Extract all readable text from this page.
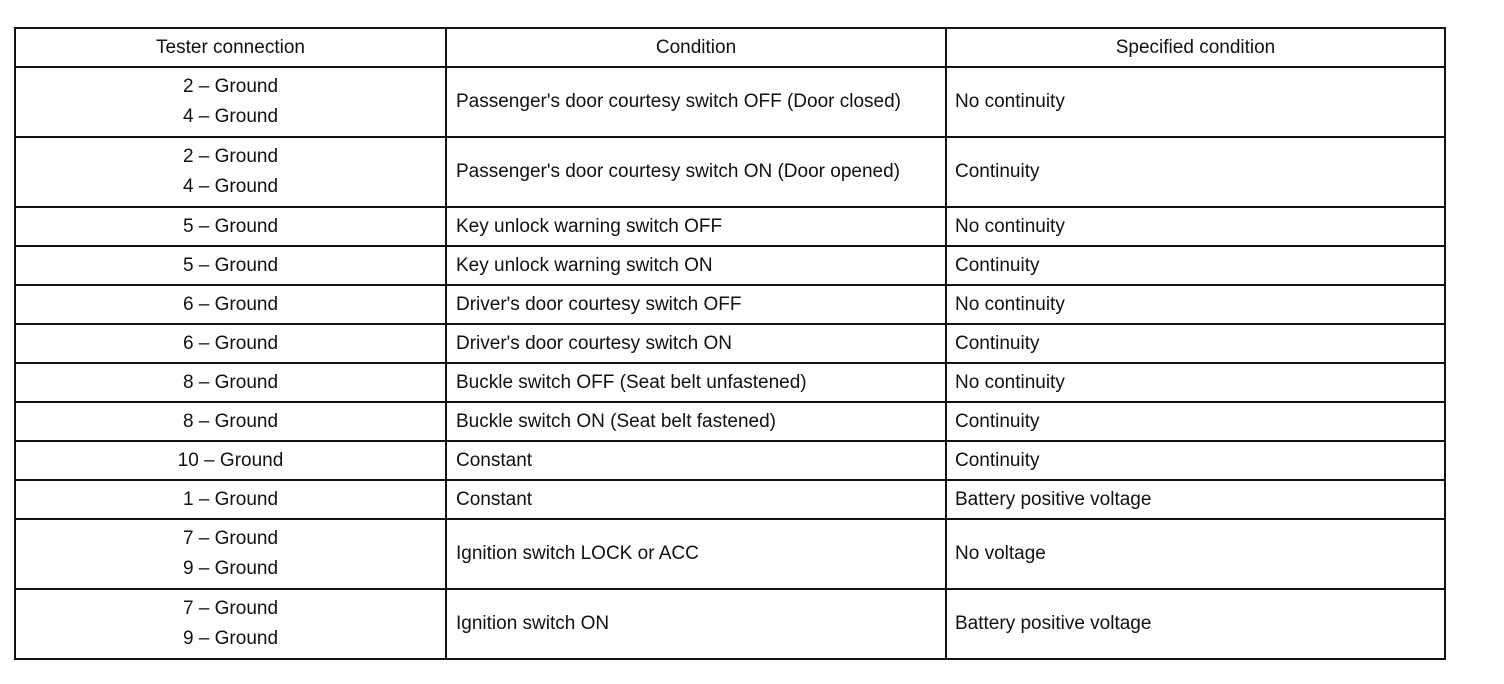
Tester connection	Condition	Specified condition

2 – Ground
4 – Ground	Passenger's door courtesy switch OFF (Door closed)	No continuity

2 – Ground
4 – Ground	Passenger's door courtesy switch ON (Door opened)	Continuity

5 – Ground	Key unlock warning switch OFF	No continuity

5 – Ground	Key unlock warning switch ON	Continuity

6 – Ground	Driver's door courtesy switch OFF	No continuity

6 – Ground	Driver's door courtesy switch ON	Continuity

8 – Ground	Buckle switch OFF (Seat belt unfastened)	No continuity

8 – Ground	Buckle switch ON (Seat belt fastened)	Continuity

10 – Ground	Constant	Continuity

1 – Ground	Constant	Battery positive voltage

7 – Ground
9 – Ground	Ignition switch LOCK or ACC	No voltage

7 – Ground
9 – Ground	Ignition switch ON	Battery positive voltage
